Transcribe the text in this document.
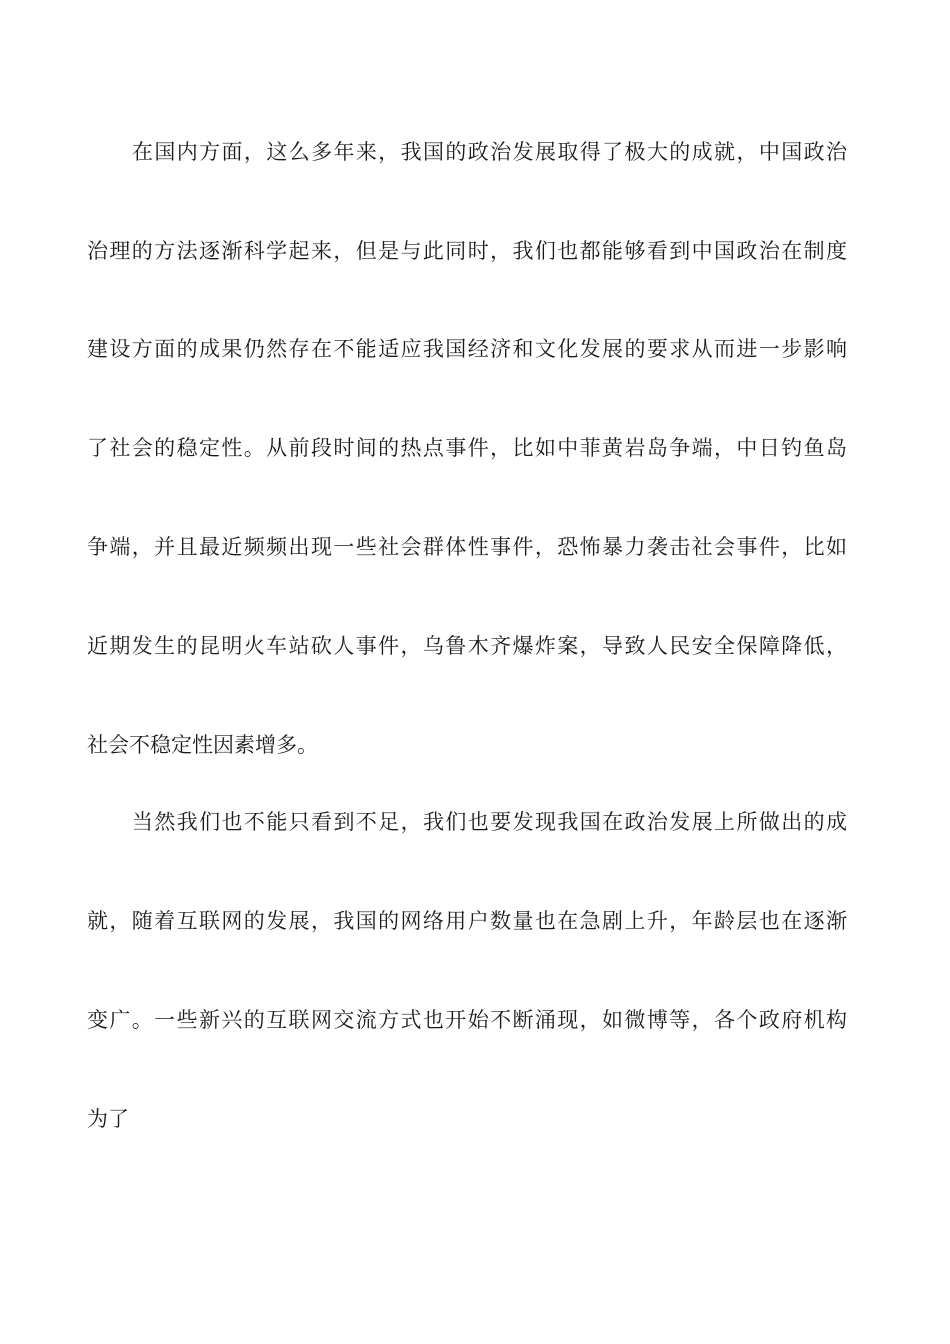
在国内方面，这么多年来，我国的政治发展取得了极大的成就，中国政治
治理的方法逐渐科学起来，但是与此同时，我们也都能够看到中国政治在制度
建设方面的成果仍然存在不能适应我国经济和文化发展的要求从而进一步影响
了社会的稳定性。从前段时间的热点事件，比如中菲黄岩岛争端，中日钓鱼岛
争端，并且最近频频出现一些社会群体性事件，恐怖暴力袭击社会事件，比如
近期发生的昆明火车站砍人事件，乌鲁木齐爆炸案，导致人民安全保障降低，
社会不稳定性因素增多。
当然我们也不能只看到不足，我们也要发现我国在政治发展上所做出的成
就，随着互联网的发展，我国的网络用户数量也在急剧上升，年龄层也在逐渐
变广。一些新兴的互联网交流方式也开始不断涌现，如微博等，各个政府机构
为了
